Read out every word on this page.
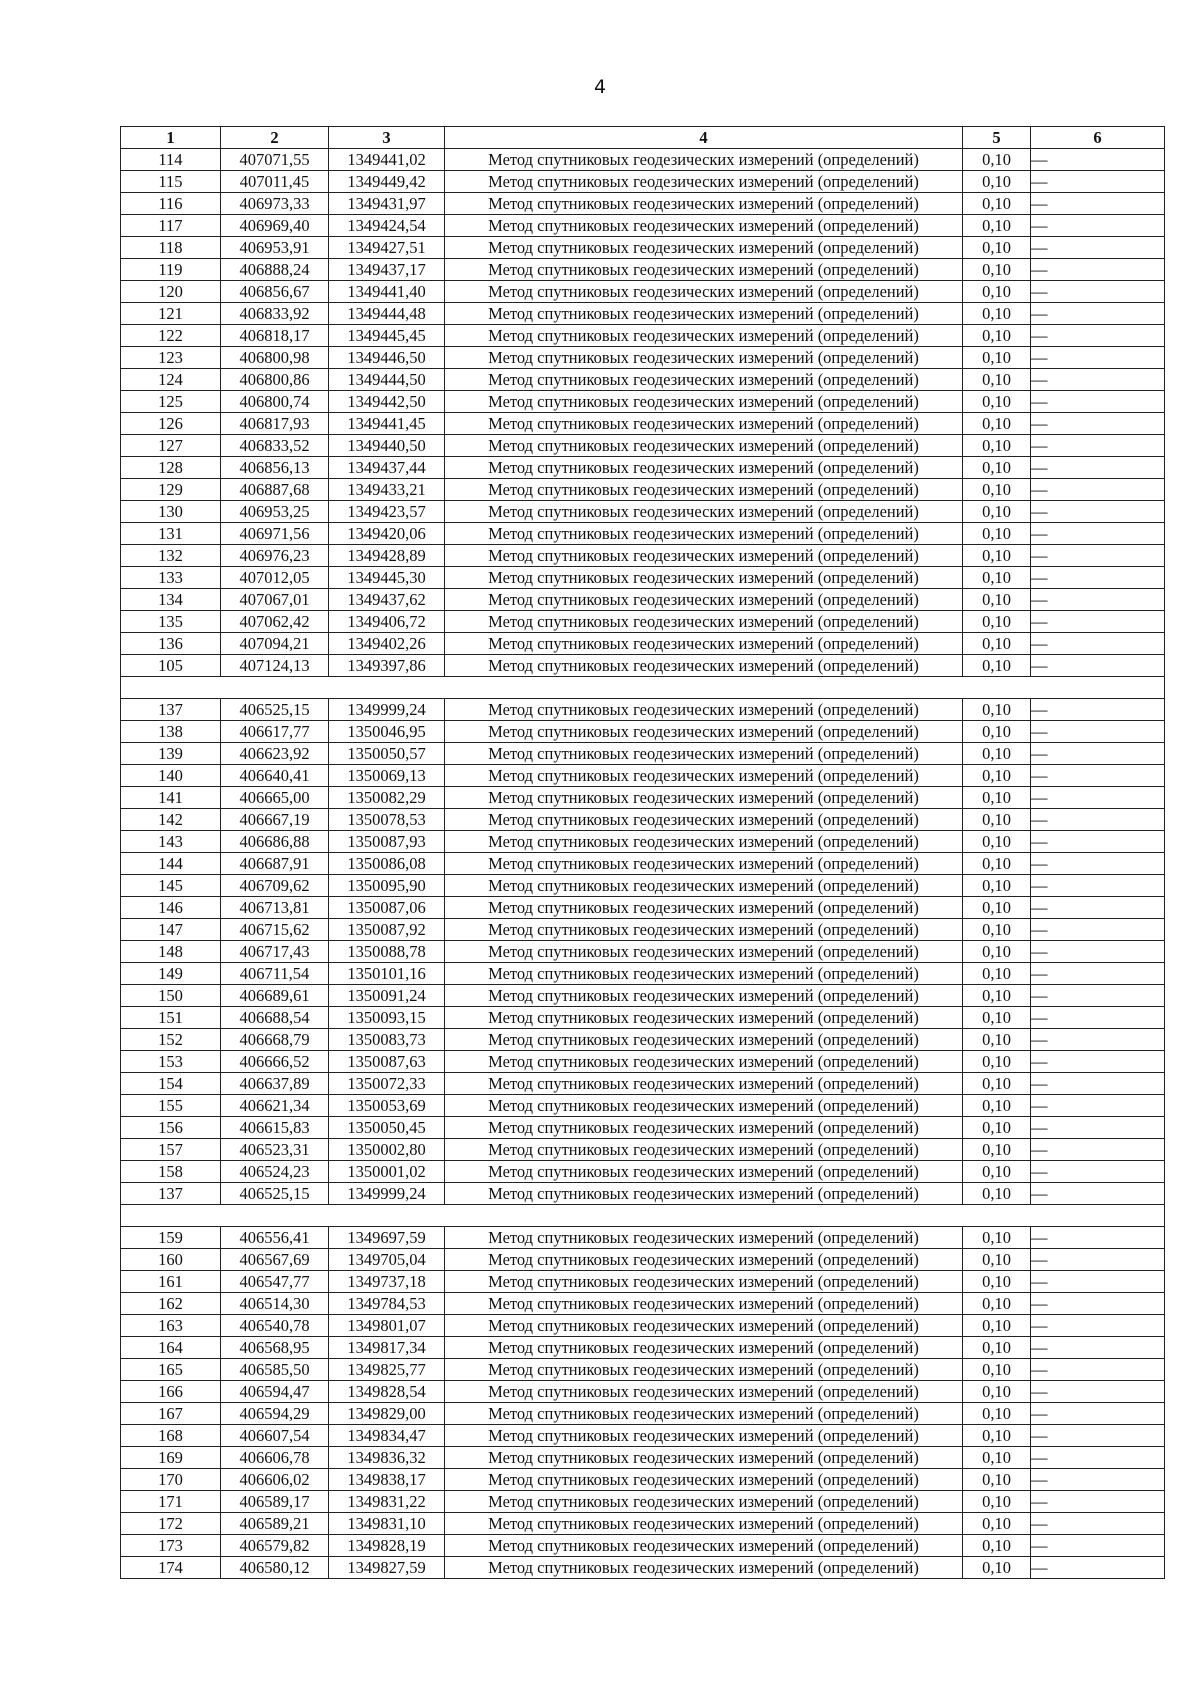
4
1	2	3	4	5	6
114	407071,55	1349441,02	Метод спутниковых геодезических измерений (определений)	0,10	—
115	407011,45	1349449,42	Метод спутниковых геодезических измерений (определений)	0,10	—
116	406973,33	1349431,97	Метод спутниковых геодезических измерений (определений)	0,10	—
117	406969,40	1349424,54	Метод спутниковых геодезических измерений (определений)	0,10	—
118	406953,91	1349427,51	Метод спутниковых геодезических измерений (определений)	0,10	—
119	406888,24	1349437,17	Метод спутниковых геодезических измерений (определений)	0,10	—
120	406856,67	1349441,40	Метод спутниковых геодезических измерений (определений)	0,10	—
121	406833,92	1349444,48	Метод спутниковых геодезических измерений (определений)	0,10	—
122	406818,17	1349445,45	Метод спутниковых геодезических измерений (определений)	0,10	—
123	406800,98	1349446,50	Метод спутниковых геодезических измерений (определений)	0,10	—
124	406800,86	1349444,50	Метод спутниковых геодезических измерений (определений)	0,10	—
125	406800,74	1349442,50	Метод спутниковых геодезических измерений (определений)	0,10	—
126	406817,93	1349441,45	Метод спутниковых геодезических измерений (определений)	0,10	—
127	406833,52	1349440,50	Метод спутниковых геодезических измерений (определений)	0,10	—
128	406856,13	1349437,44	Метод спутниковых геодезических измерений (определений)	0,10	—
129	406887,68	1349433,21	Метод спутниковых геодезических измерений (определений)	0,10	—
130	406953,25	1349423,57	Метод спутниковых геодезических измерений (определений)	0,10	—
131	406971,56	1349420,06	Метод спутниковых геодезических измерений (определений)	0,10	—
132	406976,23	1349428,89	Метод спутниковых геодезических измерений (определений)	0,10	—
133	407012,05	1349445,30	Метод спутниковых геодезических измерений (определений)	0,10	—
134	407067,01	1349437,62	Метод спутниковых геодезических измерений (определений)	0,10	—
135	407062,42	1349406,72	Метод спутниковых геодезических измерений (определений)	0,10	—
136	407094,21	1349402,26	Метод спутниковых геодезических измерений (определений)	0,10	—
105	407124,13	1349397,86	Метод спутниковых геодезических измерений (определений)	0,10	—

137	406525,15	1349999,24	Метод спутниковых геодезических измерений (определений)	0,10	—
138	406617,77	1350046,95	Метод спутниковых геодезических измерений (определений)	0,10	—
139	406623,92	1350050,57	Метод спутниковых геодезических измерений (определений)	0,10	—
140	406640,41	1350069,13	Метод спутниковых геодезических измерений (определений)	0,10	—
141	406665,00	1350082,29	Метод спутниковых геодезических измерений (определений)	0,10	—
142	406667,19	1350078,53	Метод спутниковых геодезических измерений (определений)	0,10	—
143	406686,88	1350087,93	Метод спутниковых геодезических измерений (определений)	0,10	—
144	406687,91	1350086,08	Метод спутниковых геодезических измерений (определений)	0,10	—
145	406709,62	1350095,90	Метод спутниковых геодезических измерений (определений)	0,10	—
146	406713,81	1350087,06	Метод спутниковых геодезических измерений (определений)	0,10	—
147	406715,62	1350087,92	Метод спутниковых геодезических измерений (определений)	0,10	—
148	406717,43	1350088,78	Метод спутниковых геодезических измерений (определений)	0,10	—
149	406711,54	1350101,16	Метод спутниковых геодезических измерений (определений)	0,10	—
150	406689,61	1350091,24	Метод спутниковых геодезических измерений (определений)	0,10	—
151	406688,54	1350093,15	Метод спутниковых геодезических измерений (определений)	0,10	—
152	406668,79	1350083,73	Метод спутниковых геодезических измерений (определений)	0,10	—
153	406666,52	1350087,63	Метод спутниковых геодезических измерений (определений)	0,10	—
154	406637,89	1350072,33	Метод спутниковых геодезических измерений (определений)	0,10	—
155	406621,34	1350053,69	Метод спутниковых геодезических измерений (определений)	0,10	—
156	406615,83	1350050,45	Метод спутниковых геодезических измерений (определений)	0,10	—
157	406523,31	1350002,80	Метод спутниковых геодезических измерений (определений)	0,10	—
158	406524,23	1350001,02	Метод спутниковых геодезических измерений (определений)	0,10	—
137	406525,15	1349999,24	Метод спутниковых геодезических измерений (определений)	0,10	—

159	406556,41	1349697,59	Метод спутниковых геодезических измерений (определений)	0,10	—
160	406567,69	1349705,04	Метод спутниковых геодезических измерений (определений)	0,10	—
161	406547,77	1349737,18	Метод спутниковых геодезических измерений (определений)	0,10	—
162	406514,30	1349784,53	Метод спутниковых геодезических измерений (определений)	0,10	—
163	406540,78	1349801,07	Метод спутниковых геодезических измерений (определений)	0,10	—
164	406568,95	1349817,34	Метод спутниковых геодезических измерений (определений)	0,10	—
165	406585,50	1349825,77	Метод спутниковых геодезических измерений (определений)	0,10	—
166	406594,47	1349828,54	Метод спутниковых геодезических измерений (определений)	0,10	—
167	406594,29	1349829,00	Метод спутниковых геодезических измерений (определений)	0,10	—
168	406607,54	1349834,47	Метод спутниковых геодезических измерений (определений)	0,10	—
169	406606,78	1349836,32	Метод спутниковых геодезических измерений (определений)	0,10	—
170	406606,02	1349838,17	Метод спутниковых геодезических измерений (определений)	0,10	—
171	406589,17	1349831,22	Метод спутниковых геодезических измерений (определений)	0,10	—
172	406589,21	1349831,10	Метод спутниковых геодезических измерений (определений)	0,10	—
173	406579,82	1349828,19	Метод спутниковых геодезических измерений (определений)	0,10	—
174	406580,12	1349827,59	Метод спутниковых геодезических измерений (определений)	0,10	—
